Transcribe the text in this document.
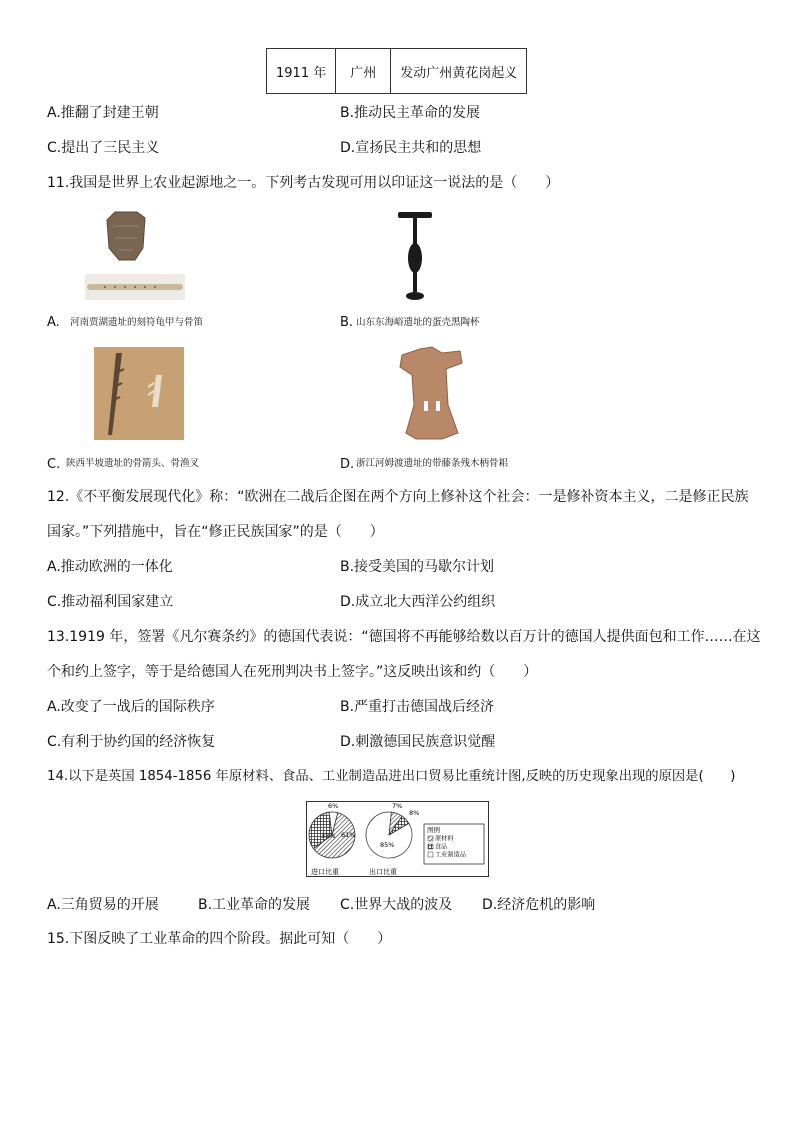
1911 年	广州	发动广州黄花岗起义
A.推翻了封建王朝	B.推动民主革命的发展
C.提出了三民主义	D.宣扬民主共和的思想
11.我国是世界上农业起源地之一。下列考古发现可用以印证这一说法的是（　　）
A. 河南贾湖遗址的刻符龟甲与骨笛	B. 山东东海峪遗址的蛋壳黑陶杯
C. 陕西半坡遗址的骨箭头、骨渔叉	D. 浙江河姆渡遗址的带藤条残木柄骨耜
12.《不平衡发展现代化》称：“欧洲在二战后企图在两个方向上修补这个社会：一是修补资本主义，二是修正民族
国家。”下列措施中，旨在“修正民族国家”的是（　　）
A.推动欧洲的一体化	B.接受美国的马歇尔计划
C.推动福利国家建立	D.成立北大西洋公约组织
13.1919 年，签署《凡尔赛条约》的德国代表说：“德国将不再能够给数以百万计的德国人提供面包和工作……在这
个和约上签字，等于是给德国人在死刑判决书上签字。”这反映出该和约（　　）
A.改变了一战后的国际秩序	B.严重打击德国战后经济
C.有利于协约国的经济恢复	D.刺激德国民族意识觉醒
14.以下是英国 1854-1856 年原材料、食品、工业制造品进出口贸易比重统计图,反映的历史现象出现的原因是(　　)
61%
33%
6%
8%
7%
85%
进口比重	出口比重
图例
原材料
食品
工业制造品
A.三角贸易的开展	B.工业革命的发展 C.世界大战的波及 D.经济危机的影响
15.下图反映了工业革命的四个阶段。据此可知（　　）
